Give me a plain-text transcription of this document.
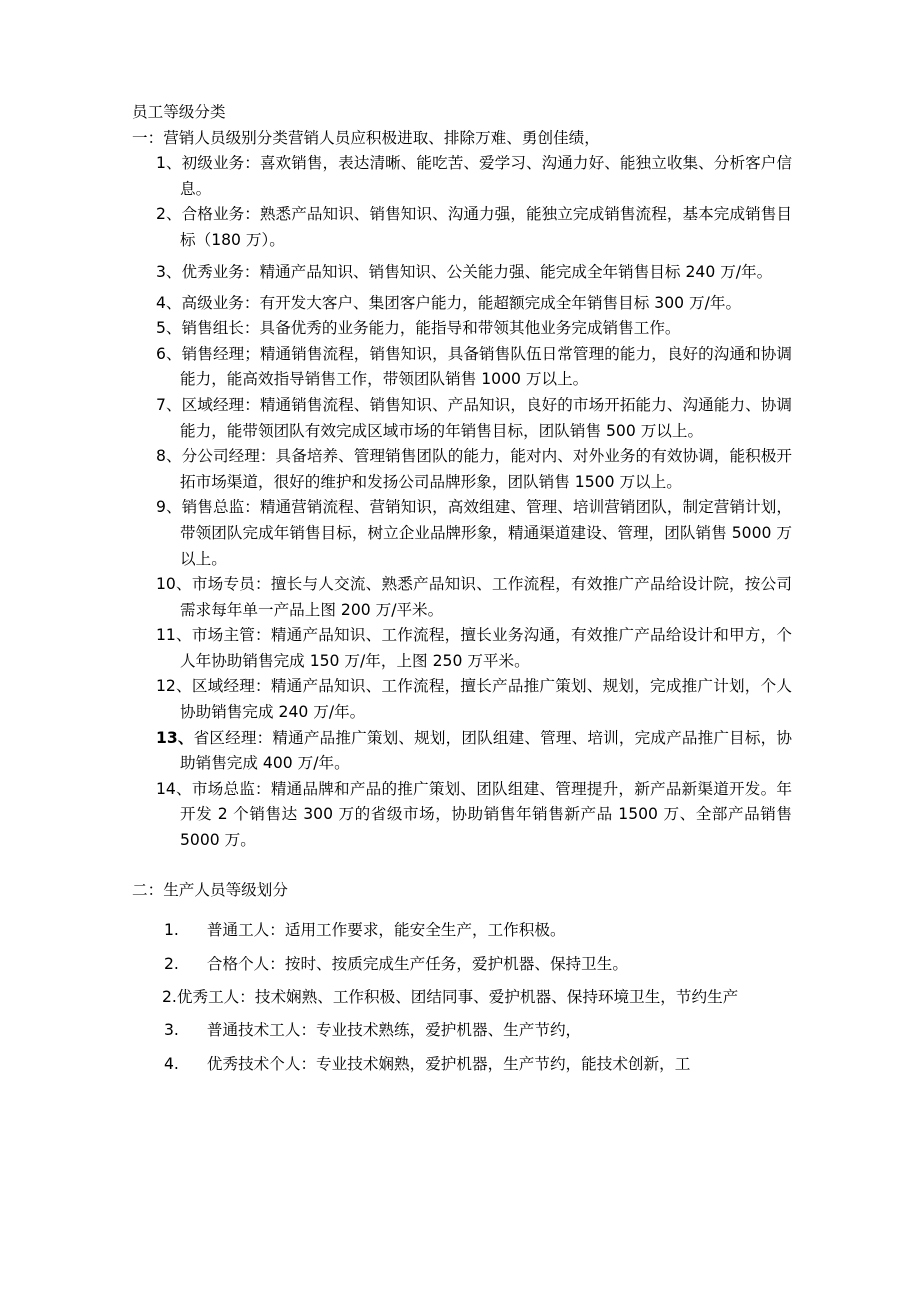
员工等级分类

一：营销人员级别分类营销人员应积极进取、排除万难、勇创佳绩，

1、初级业务：喜欢销售，表达清晰、能吃苦、爱学习、沟通力好、能独立收集、分析客户信息。

2、合格业务：熟悉产品知识、销售知识、沟通力强，能独立完成销售流程，基本完成销售目标（180 万）。

3、优秀业务：精通产品知识、销售知识、公关能力强、能完成全年销售目标 240 万/年。

4、高级业务：有开发大客户、集团客户能力，能超额完成全年销售目标 300 万/年。

5、销售组长：具备优秀的业务能力，能指导和带领其他业务完成销售工作。

6、销售经理；精通销售流程，销售知识，具备销售队伍日常管理的能力，良好的沟通和协调能力，能高效指导销售工作，带领团队销售 1000 万以上。

7、区域经理：精通销售流程、销售知识、产品知识，良好的市场开拓能力、沟通能力、协调能力，能带领团队有效完成区域市场的年销售目标，团队销售 500 万以上。

8、分公司经理：具备培养、管理销售团队的能力，能对内、对外业务的有效协调，能积极开拓市场渠道，很好的维护和发扬公司品牌形象，团队销售 1500 万以上。

9、销售总监：精通营销流程、营销知识，高效组建、管理、培训营销团队，制定营销计划，带领团队完成年销售目标，树立企业品牌形象，精通渠道建设、管理，团队销售 5000 万以上。

10、市场专员：擅长与人交流、熟悉产品知识、工作流程，有效推广产品给设计院，按公司需求每年单一产品上图 200 万/平米。

11、市场主管：精通产品知识、工作流程，擅长业务沟通，有效推广产品给设计和甲方，个人年协助销售完成 150 万/年，上图 250 万平米。

12、区域经理：精通产品知识、工作流程，擅长产品推广策划、规划，完成推广计划，个人协助销售完成 240 万/年。

13、省区经理：精通产品推广策划、规划，团队组建、管理、培训，完成产品推广目标，协助销售完成 400 万/年。

14、市场总监：精通品牌和产品的推广策划、团队组建、管理提升，新产品新渠道开发。年开发 2 个销售达 300 万的省级市场，协助销售年销售新产品 1500 万、全部产品销售 5000 万。

二：生产人员等级划分

1. 普通工人：适用工作要求，能安全生产，工作积极。

2. 合格个人：按时、按质完成生产任务，爱护机器、保持卫生。

2.优秀工人：技术娴熟、工作积极、团结同事、爱护机器、保持环境卫生，节约生产

3. 普通技术工人：专业技术熟练，爱护机器、生产节约，

4. 优秀技术个人：专业技术娴熟，爱护机器，生产节约，能技术创新，工
